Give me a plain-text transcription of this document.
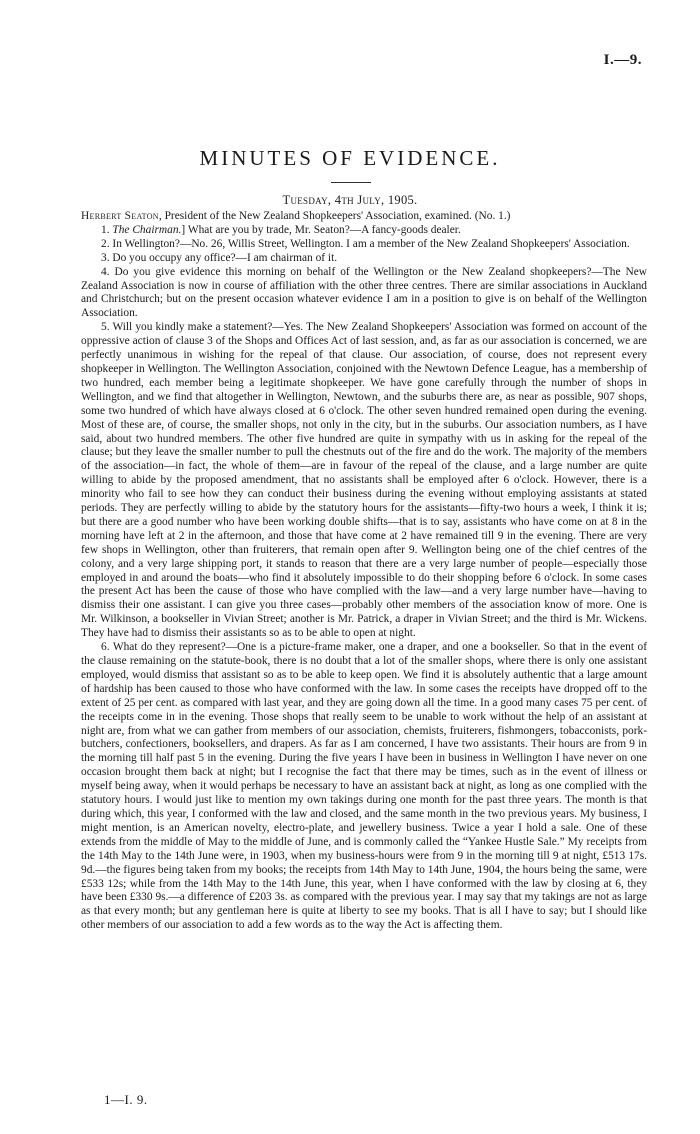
I.—9.
MINUTES OF EVIDENCE.
Tuesday, 4th July, 1905.

Herbert Seaton, President of the New Zealand Shopkeepers' Association, examined. (No. 1.)

1. The Chairman.] What are you by trade, Mr. Seaton?—A fancy-goods dealer.

2. In Wellington?—No. 26, Willis Street, Wellington. I am a member of the New Zealand Shopkeepers' Association.

3. Do you occupy any office?—I am chairman of it.

4. Do you give evidence this morning on behalf of the Wellington or the New Zealand shopkeepers?—The New Zealand Association is now in course of affiliation with the other three centres. There are similar associations in Auckland and Christchurch; but on the present occasion whatever evidence I am in a position to give is on behalf of the Wellington Association.

5. Will you kindly make a statement?—Yes. The New Zealand Shopkeepers' Association was formed on account of the oppressive action of clause 3 of the Shops and Offices Act of last session, and, as far as our association is concerned, we are perfectly unanimous in wishing for the repeal of that clause. Our association, of course, does not represent every shopkeeper in Wellington. The Wellington Association, conjoined with the Newtown Defence League, has a membership of two hundred, each member being a legitimate shopkeeper. We have gone carefully through the number of shops in Wellington, and we find that altogether in Wellington, Newtown, and the suburbs there are, as near as possible, 907 shops, some two hundred of which have always closed at 6 o'clock. The other seven hundred remained open during the evening. Most of these are, of course, the smaller shops, not only in the city, but in the suburbs. Our association numbers, as I have said, about two hundred members. The other five hundred are quite in sympathy with us in asking for the repeal of the clause; but they leave the smaller number to pull the chestnuts out of the fire and do the work. The majority of the members of the association—in fact, the whole of them—are in favour of the repeal of the clause, and a large number are quite willing to abide by the proposed amendment, that no assistants shall be employed after 6 o'clock. However, there is a minority who fail to see how they can conduct their business during the evening without employing assistants at stated periods. They are perfectly willing to abide by the statutory hours for the assistants—fifty-two hours a week, I think it is; but there are a good number who have been working double shifts—that is to say, assistants who have come on at 8 in the morning have left at 2 in the afternoon, and those that have come at 2 have remained till 9 in the evening. There are very few shops in Wellington, other than fruiterers, that remain open after 9. Wellington being one of the chief centres of the colony, and a very large shipping port, it stands to reason that there are a very large number of people—especially those employed in and around the boats—who find it absolutely impossible to do their shopping before 6 o'clock. In some cases the present Act has been the cause of those who have complied with the law—and a very large number have—having to dismiss their one assistant. I can give you three cases—probably other members of the association know of more. One is Mr. Wilkinson, a bookseller in Vivian Street; another is Mr. Patrick, a draper in Vivian Street; and the third is Mr. Wickens. They have had to dismiss their assistants so as to be able to open at night.

6. What do they represent?—One is a picture-frame maker, one a draper, and one a bookseller. So that in the event of the clause remaining on the statute-book, there is no doubt that a lot of the smaller shops, where there is only one assistant employed, would dismiss that assistant so as to be able to keep open. We find it is absolutely authentic that a large amount of hardship has been caused to those who have conformed with the law. In some cases the receipts have dropped off to the extent of 25 per cent. as compared with last year, and they are going down all the time. In a good many cases 75 per cent. of the receipts come in in the evening. Those shops that really seem to be unable to work without the help of an assistant at night are, from what we can gather from members of our association, chemists, fruiterers, fishmongers, tobacconists, pork-butchers, confectioners, booksellers, and drapers. As far as I am concerned, I have two assistants. Their hours are from 9 in the morning till half past 5 in the evening. During the five years I have been in business in Wellington I have never on one occasion brought them back at night; but I recognise the fact that there may be times, such as in the event of illness or myself being away, when it would perhaps be necessary to have an assistant back at night, as long as one complied with the statutory hours. I would just like to mention my own takings during one month for the past three years. The month is that during which, this year, I conformed with the law and closed, and the same month in the two previous years. My business, I might mention, is an American novelty, electro-plate, and jewellery business. Twice a year I hold a sale. One of these extends from the middle of May to the middle of June, and is commonly called the “Yankee Hustle Sale.” My receipts from the 14th May to the 14th June were, in 1903, when my business-hours were from 9 in the morning till 9 at night, £513 17s. 9d.—the figures being taken from my books; the receipts from 14th May to 14th June, 1904, the hours being the same, were £533 12s; while from the 14th May to the 14th June, this year, when I have conformed with the law by closing at 6, they have been £330 9s.—a difference of £203 3s. as compared with the previous year. I may say that my takings are not as large as that every month; but any gentleman here is quite at liberty to see my books. That is all I have to say; but I should like other members of our association to add a few words as to the way the Act is affecting them.

1—I. 9.
